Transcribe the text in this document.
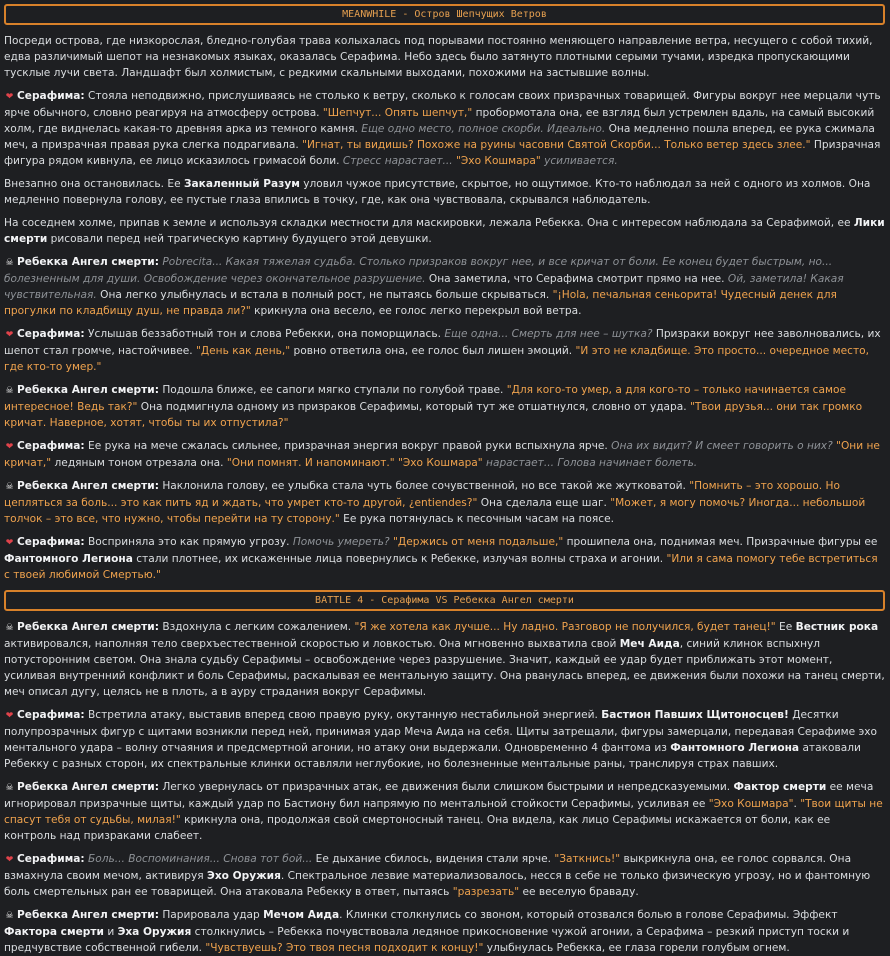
MEANWHILE - Остров Шепчущих Ветров

Посреди острова, где низкорослая, бледно-голубая трава колыхалась под порывами постоянно меняющего направление ветра, несущего с собой тихий, едва различимый шепот на незнакомых языках, оказалась Серафима. Небо здесь было затянуто плотными серыми тучами, изредка пропускающими тусклые лучи света. Ландшафт был холмистым, с редкими скальными выходами, похожими на застывшие волны.

❤ Серафима: Стояла неподвижно, прислушиваясь не столько к ветру, сколько к голосам своих призрачных товарищей. Фигуры вокруг нее мерцали чуть ярче обычного, словно реагируя на атмосферу острова. "Шепчут... Опять шепчут," пробормотала она, ее взгляд был устремлен вдаль, на самый высокий холм, где виднелась какая-то древняя арка из темного камня. Еще одно место, полное скорби. Идеально. Она медленно пошла вперед, ее рука сжимала меч, а призрачная правая рука слегка подрагивала. "Игнат, ты видишь? Похоже на руины часовни Святой Скорби... Только ветер здесь злее." Призрачная фигура рядом кивнула, ее лицо исказилось гримасой боли. Стресс нарастает... "Эхо Кошмара" усиливается.

Внезапно она остановилась. Ее Закаленный Разум уловил чужое присутствие, скрытое, но ощутимое. Кто-то наблюдал за ней с одного из холмов. Она медленно повернула голову, ее пустые глаза впились в точку, где, как она чувствовала, скрывался наблюдатель.

На соседнем холме, припав к земле и используя складки местности для маскировки, лежала Ребекка. Она с интересом наблюдала за Серафимой, ее Лики смерти рисовали перед ней трагическую картину будущего этой девушки.

☠ Ребекка Ангел смерти: Pobrecita... Какая тяжелая судьба. Столько призраков вокруг нее, и все кричат от боли. Ее конец будет быстрым, но... болезненным для души. Освобождение через окончательное разрушение. Она заметила, что Серафима смотрит прямо на нее. Ой, заметила! Какая чувствительная. Она легко улыбнулась и встала в полный рост, не пытаясь больше скрываться. "¡Hola, печальная сеньорита! Чудесный денек для прогулки по кладбищу душ, не правда ли?" крикнула она весело, ее голос легко перекрыл вой ветра.

❤ Серафима: Услышав беззаботный тон и слова Ребекки, она поморщилась. Еще одна... Смерть для нее – шутка? Призраки вокруг нее заволновались, их шепот стал громче, настойчивее. "День как день," ровно ответила она, ее голос был лишен эмоций. "И это не кладбище. Это просто... очередное место, где кто-то умер."

☠ Ребекка Ангел смерти: Подошла ближе, ее сапоги мягко ступали по голубой траве. "Для кого-то умер, а для кого-то – только начинается самое интересное! Ведь так?" Она подмигнула одному из призраков Серафимы, который тут же отшатнулся, словно от удара. "Твои друзья... они так громко кричат. Наверное, хотят, чтобы ты их отпустила?"

❤ Серафима: Ее рука на мече сжалась сильнее, призрачная энергия вокруг правой руки вспыхнула ярче. Она их видит? И смеет говорить о них? "Они не кричат," ледяным тоном отрезала она. "Они помнят. И напоминают." "Эхо Кошмара" нарастает... Голова начинает болеть.

☠ Ребекка Ангел смерти: Наклонила голову, ее улыбка стала чуть более сочувственной, но все такой же жутковатой. "Помнить – это хорошо. Но цепляться за боль... это как пить яд и ждать, что умрет кто-то другой, ¿entiendes?" Она сделала еще шаг. "Может, я могу помочь? Иногда... небольшой толчок – это все, что нужно, чтобы перейти на ту сторону." Ее рука потянулась к песочным часам на поясе.

❤ Серафима: Восприняла это как прямую угрозу. Помочь умереть? "Держись от меня подальше," прошипела она, поднимая меч. Призрачные фигуры ее Фантомного Легиона стали плотнее, их искаженные лица повернулись к Ребекке, излучая волны страха и агонии. "Или я сама помогу тебе встретиться с твоей любимой Смертью."

BATTLE 4 - Серафима VS Ребекка Ангел смерти

☠ Ребекка Ангел смерти: Вздохнула с легким сожалением. "Я же хотела как лучше... Ну ладно. Разговор не получился, будет танец!" Ее Вестник рока активировался, наполняя тело сверхъестественной скоростью и ловкостью. Она мгновенно выхватила свой Меч Аида, синий клинок вспыхнул потусторонним светом. Она знала судьбу Серафимы – освобождение через разрушение. Значит, каждый ее удар будет приближать этот момент, усиливая внутренний конфликт и боль Серафимы, раскалывая ее ментальную защиту. Она рванулась вперед, ее движения были похожи на танец смерти, меч описал дугу, целясь не в плоть, а в ауру страдания вокруг Серафимы.

❤ Серафима: Встретила атаку, выставив вперед свою правую руку, окутанную нестабильной энергией. Бастион Павших Щитоносцев! Десятки полупрозрачных фигур с щитами возникли перед ней, принимая удар Меча Аида на себя. Щиты затрещали, фигуры замерцали, передавая Серафиме эхо ментального удара – волну отчаяния и предсмертной агонии, но атаку они выдержали. Одновременно 4 фантома из Фантомного Легиона атаковали Ребекку с разных сторон, их спектральные клинки оставляли неглубокие, но болезненные ментальные раны, транслируя страх павших.

☠ Ребекка Ангел смерти: Легко увернулась от призрачных атак, ее движения были слишком быстрыми и непредсказуемыми. Фактор смерти ее меча игнорировал призрачные щиты, каждый удар по Бастиону бил напрямую по ментальной стойкости Серафимы, усиливая ее "Эхо Кошмара". "Твои щиты не спасут тебя от судьбы, милая!" крикнула она, продолжая свой смертоносный танец. Она видела, как лицо Серафимы искажается от боли, как ее контроль над призраками слабеет.

❤ Серафима: Боль... Воспоминания... Снова тот бой... Ее дыхание сбилось, видения стали ярче. "Заткнись!" выкрикнула она, ее голос сорвался. Она взмахнула своим мечом, активируя Эхо Оружия. Спектральное лезвие материализовалось, несся в себе не только физическую угрозу, но и фантомную боль смертельных ран ее товарищей. Она атаковала Ребекку в ответ, пытаясь "разрезать" ее веселую браваду.

☠ Ребекка Ангел смерти: Парировала удар Мечом Аида. Клинки столкнулись со звоном, который отозвался болью в голове Серафимы. Эффект Фактора смерти и Эха Оружия столкнулись – Ребекка почувствовала ледяное прикосновение чужой агонии, а Серафима – резкий приступ тоски и предчувствие собственной гибели. "Чувствуешь? Это твоя песня подходит к концу!" улыбнулась Ребекка, ее глаза горели голубым огнем.
